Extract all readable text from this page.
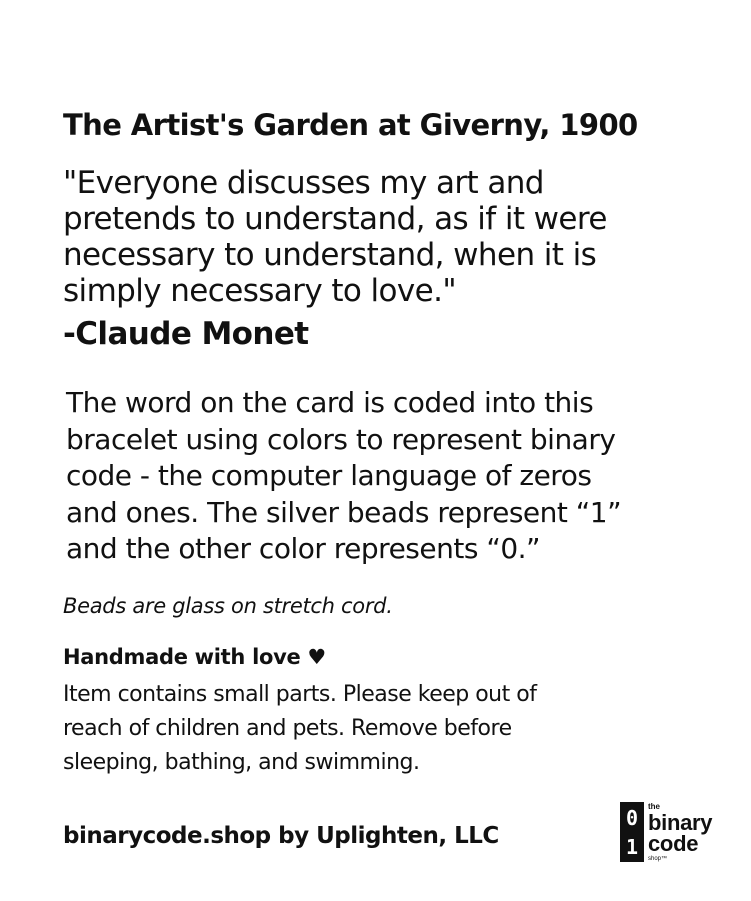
The Artist's Garden at Giverny, 1900
"Everyone discusses my art and
pretends to understand, as if it were
necessary to understand, when it is
simply necessary to love."
-Claude Monet
The word on the card is coded into this
bracelet using colors to represent binary
code - the computer language of zeros
and ones. The silver beads represent “1”
and the other color represents “0.”
Beads are glass on stretch cord.
Handmade with love ♥
Item contains small parts. Please keep out of
reach of children and pets. Remove before
sleeping, bathing, and swimming.
binarycode.shop by Uplighten, LLC
0
1
the
binary
code
shop™
